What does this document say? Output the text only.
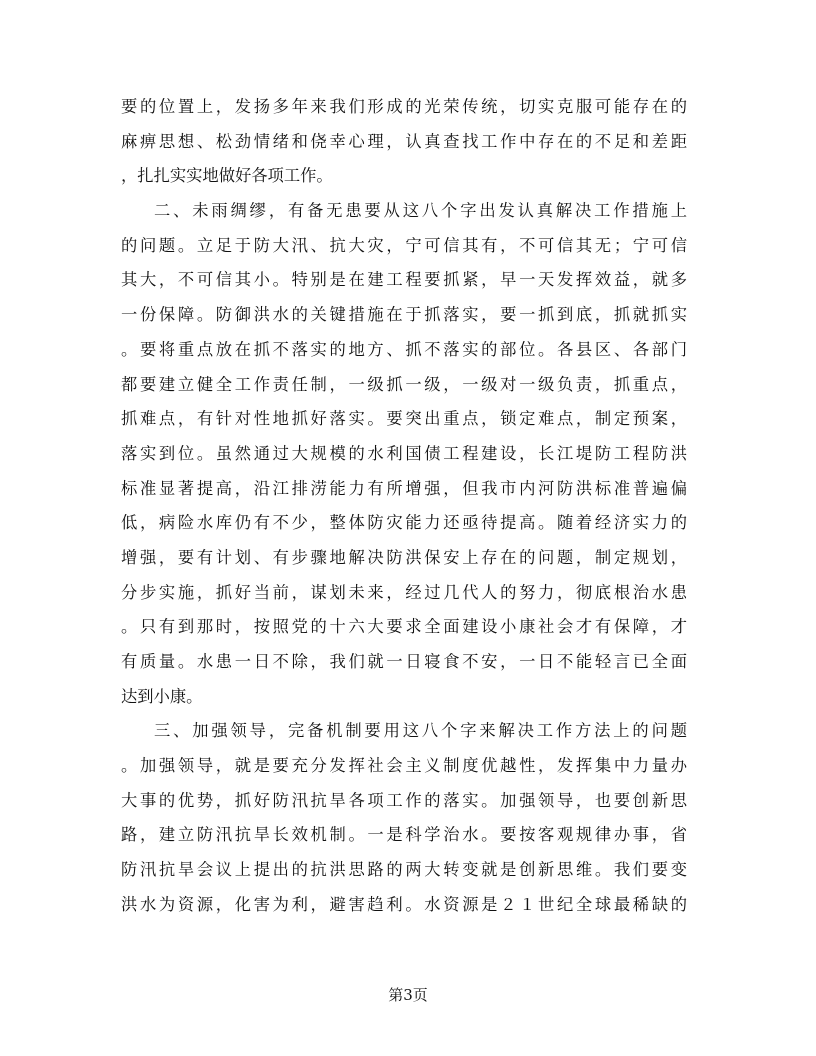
要的位置上，发扬多年来我们形成的光荣传统，切实克服可能存在的
麻痹思想、松劲情绪和侥幸心理，认真查找工作中存在的不足和差距
，扎扎实实地做好各项工作。
二、未雨绸缪，有备无患要从这八个字出发认真解决工作措施上
的问题。立足于防大汛、抗大灾，宁可信其有，不可信其无；宁可信
其大，不可信其小。特别是在建工程要抓紧，早一天发挥效益，就多
一份保障。防御洪水的关键措施在于抓落实，要一抓到底，抓就抓实
。要将重点放在抓不落实的地方、抓不落实的部位。各县区、各部门
都要建立健全工作责任制，一级抓一级，一级对一级负责，抓重点，
抓难点，有针对性地抓好落实。要突出重点，锁定难点，制定预案，
落实到位。虽然通过大规模的水利国债工程建设，长江堤防工程防洪
标准显著提高，沿江排涝能力有所增强，但我市内河防洪标准普遍偏
低，病险水库仍有不少，整体防灾能力还亟待提高。随着经济实力的
增强，要有计划、有步骤地解决防洪保安上存在的问题，制定规划，
分步实施，抓好当前，谋划未来，经过几代人的努力，彻底根治水患
。只有到那时，按照党的十六大要求全面建设小康社会才有保障，才
有质量。水患一日不除，我们就一日寝食不安，一日不能轻言已全面
达到小康。
三、加强领导，完备机制要用这八个字来解决工作方法上的问题
。加强领导，就是要充分发挥社会主义制度优越性，发挥集中力量办
大事的优势，抓好防汛抗旱各项工作的落实。加强领导，也要创新思
路，建立防汛抗旱长效机制。一是科学治水。要按客观规律办事，省
防汛抗旱会议上提出的抗洪思路的两大转变就是创新思维。我们要变
洪水为资源，化害为利，避害趋利。水资源是２１世纪全球最稀缺的
第3页
